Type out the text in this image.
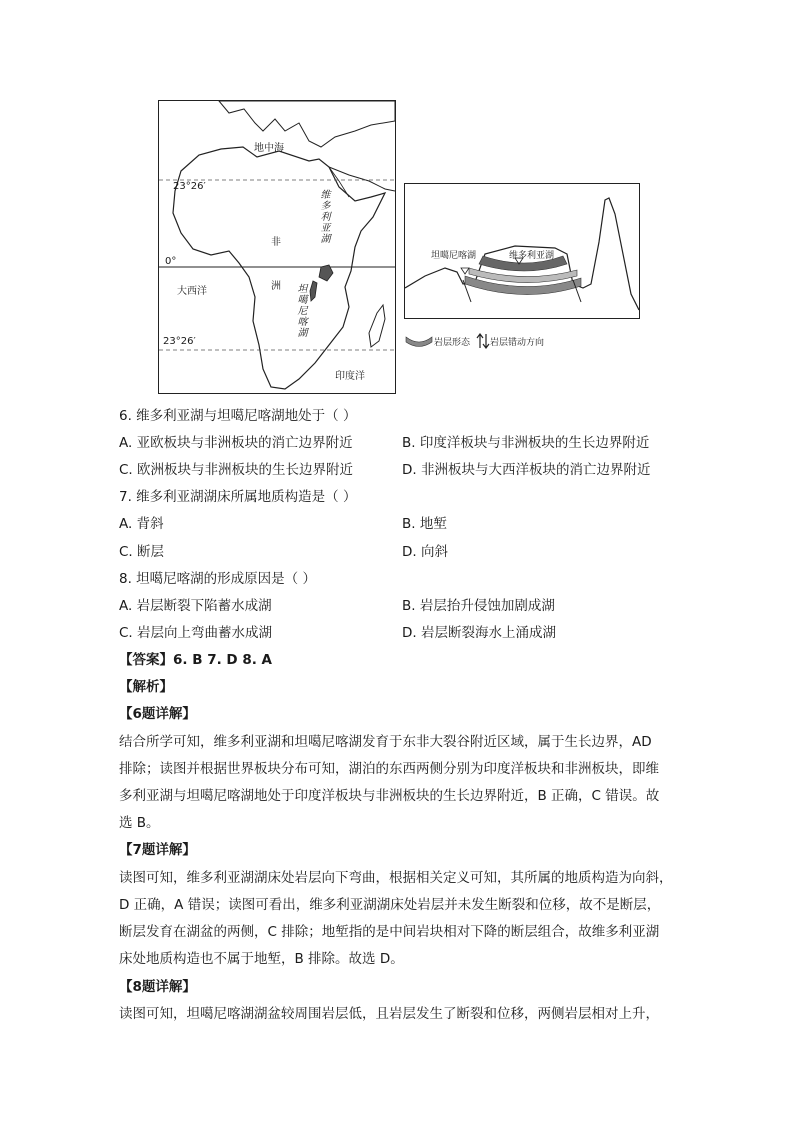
地中海
23°26′
0°
23°26′
大西洋
非
洲
印度洋
维多利亚湖
坦噶尼喀湖
坦噶尼喀湖	维多利亚湖
岩层形态 岩层错动方向
6. 维多利亚湖与坦噶尼喀湖地处于（ ）
A. 亚欧板块与非洲板块的消亡边界附近	B. 印度洋板块与非洲板块的生长边界附近
C. 欧洲板块与非洲板块的生长边界附近	D. 非洲板块与大西洋板块的消亡边界附近
7. 维多利亚湖湖床所属地质构造是（ ）
A. 背斜	B. 地堑
C. 断层	D. 向斜
8. 坦噶尼喀湖的形成原因是（ ）
A. 岩层断裂下陷蓄水成湖	B. 岩层抬升侵蚀加剧成湖
C. 岩层向上弯曲蓄水成湖	D. 岩层断裂海水上涌成湖
【答案】6. B 7. D 8. A
【解析】
【6题详解】
结合所学可知，维多利亚湖和坦噶尼喀湖发育于东非大裂谷附近区域，属于生长边界，AD
排除；读图并根据世界板块分布可知，湖泊的东西两侧分别为印度洋板块和非洲板块，即维
多利亚湖与坦噶尼喀湖地处于印度洋板块与非洲板块的生长边界附近，B 正确，C 错误。故
选 B。
【7题详解】
读图可知，维多利亚湖湖床处岩层向下弯曲，根据相关定义可知，其所属的地质构造为向斜，
D 正确，A 错误；读图可看出，维多利亚湖湖床处岩层并未发生断裂和位移，故不是断层，
断层发育在湖盆的两侧，C 排除；地堑指的是中间岩块相对下降的断层组合，故维多利亚湖
床处地质构造也不属于地堑，B 排除。故选 D。
【8题详解】
读图可知，坦噶尼喀湖湖盆较周围岩层低，且岩层发生了断裂和位移，两侧岩层相对上升，
